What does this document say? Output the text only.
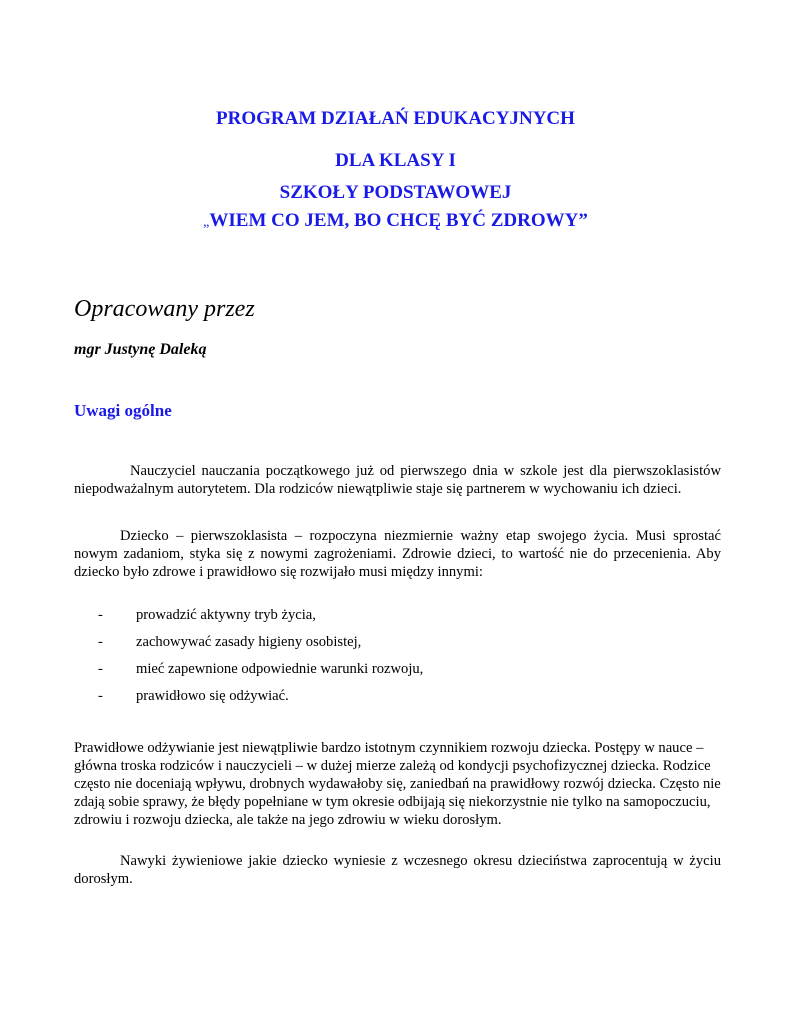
PROGRAM DZIAŁAŃ EDUKACYJNYCH
DLA KLASY I
SZKOŁY PODSTAWOWEJ
„WIEM CO JEM, BO CHCĘ BYĆ ZDROWY”
Opracowany przez
mgr Justynę Daleką
Uwagi ogólne

Nauczyciel nauczania początkowego już od pierwszego dnia w szkole jest dla pierwszoklasistów niepodważalnym autorytetem. Dla rodziców niewątpliwie staje się partnerem w wychowaniu ich dzieci.

Dziecko – pierwszoklasista – rozpoczyna niezmiernie ważny etap swojego życia. Musi sprostać nowym zadaniom, styka się z nowymi zagrożeniami. Zdrowie dzieci, to wartość nie do przecenienia. Aby dziecko było zdrowe i prawidłowo się rozwijało musi między innymi:

- prowadzić aktywny tryb życia,
- zachowywać zasady higieny osobistej,
- mieć zapewnione odpowiednie warunki rozwoju,
- prawidłowo się odżywiać.

Prawidłowe odżywianie jest niewątpliwie bardzo istotnym czynnikiem rozwoju dziecka. Postępy w nauce – główna troska rodziców i nauczycieli – w dużej mierze zależą od kondycji psychofizycznej dziecka. Rodzice często nie doceniają wpływu, drobnych wydawałoby się, zaniedbań na prawidłowy rozwój dziecka. Często nie zdają sobie sprawy, że błędy popełniane w tym okresie odbijają się niekorzystnie nie tylko na samopoczuciu, zdrowiu i rozwoju dziecka, ale także na jego zdrowiu w wieku dorosłym.

Nawyki żywieniowe jakie dziecko wyniesie z wczesnego okresu dzieciństwa zaprocentują w życiu dorosłym.
